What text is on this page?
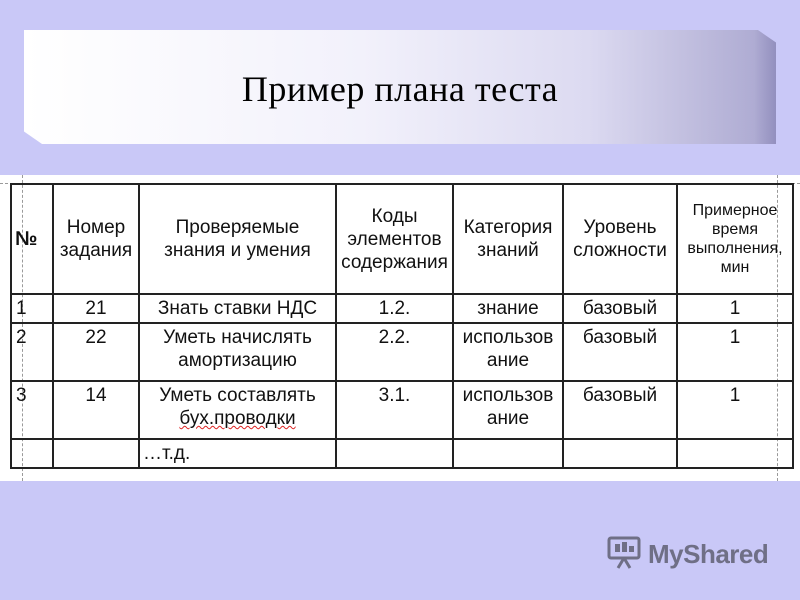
Пример плана теста
№	Номер задания	Проверяемые знания и умения	Коды элементов содержания	Категория знаний	Уровень сложности	Примерное время выполнения, мин
1	21	Знать ставки НДС	1.2.	знание	базовый	1
2	22	Уметь начислять амортизацию	2.2.	использов ание	базовый	1
3	14	Уметь составлять бух.проводки	3.1.	использов ание	базовый	1
		…т.д.				
MyShared
